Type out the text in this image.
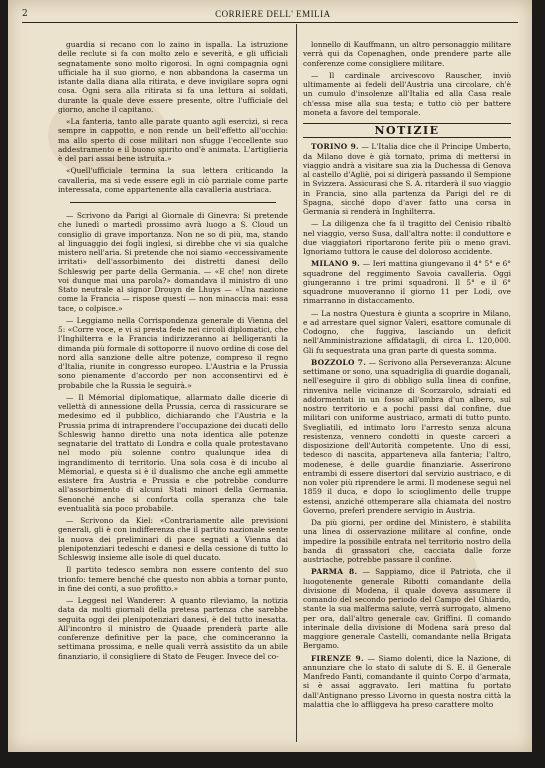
2	CORRIERE DELL' EMILIA

guardia si recano con lo zaino in ispalla. La istruzione delle reclute si fa con molto zelo e severità, e gli ufficiali segnatamente sono molto rigorosi. In ogni compagnia ogni ufficiale ha il suo giorno, e non abbandona la caserma un istante dalla diana alla ritirata, e deve invigilare sopra ogni cosa. Ogni sera alla ritirata si fa una lettura ai soldati, durante la quale deve essere presente, oltre l'ufficiale del giorno, anche il capitano.

«La fanteria, tanto alle parate quanto agli esercizi, si reca sempre in cappotto, e non rende un bell'effetto all'occhio: ma allo sperto di cose militari non sfugge l'eccellente suo addestramento e il buono spirito ond'è animata. L'artiglieria è del pari assai bene istruita.»

«Quell'ufficiale termina la sua lettera criticando la cavalleria, ma si vede essere egli in ciò parziale come parte interessata, come appartenente alla cavalleria austriaca.

— Scrivono da Parigi al Giornale di Ginevra: Si pretende che lunedì o martedì prossimo avrà luogo a S. Cloud un consiglio di grave importanza. Non ne so di più, ma, stando al linguaggio dei fogli inglesi, si direbbe che vi sia qualche mistero nell'aria. Si pretende che noi siamo «eccessivamente irritati» dell'assorbimento dei distretti danesi dello Schleswig per parte della Germania. — «E che! non direte voi dunque mai una parola?» domandava il ministro di uno Stato neutrale al signor Drouyn de Lhuys — «Una nazione come la Francia — rispose questi — non minaccia mai: essa tace, o colpisce.»

— Leggiamo nella Corrispondenza generale di Vienna del 5: «Corre voce, e vi si presta fede nei circoli diplomatici, che l'Inghilterra e la Francia indirizzeranno ai belligeranti la dimanda più formale di sottoporre il nuovo ordine di cose del nord alla sanzione delle altre potenze, compreso il regno d'Italia, riunite in congresso europeo. L'Austria e la Prussia sono pienamente d'accordo per non acconsentirvi ed è probabile che la Russia le seguirà.»

— Il Mémorial diplomatique, allarmato dalle dicerie di vellettà di annessione della Prussia, cerca di rassicurare se medesimo ed il pubblico, dichiarando che l'Austria e la Prussia prima di intraprendere l'occupazione dei ducati dello Schleswig hanno diretto una nota identica alle potenze segnatarie del trattato di Londra e colla quale protestavano nel modo più solenne contro qualunque idea di ingrandimento di territorio. Una sola cosa è di incubo al Mémorial, e questa si è il dualismo che anche egli ammette esistere fra Austria e Prussia e che potrebbe condurre all'assorbimento di alcuni Stati minori della Germania. Senonché anche si conforta colla speranza che tale eventualità sia poco probabile.

— Scrivono da Kiel: «Contrariamente alle previsioni generali, gli è con indifferenza che il partito nazionale sente la nuova dei preliminari di pace segnati a Vienna dai plenipotenziari tedeschi e danesi e della cessione di tutto lo Schleswig insieme alle isole di quel ducato.

Il partito tedesco sembra non essere contento del suo trionfo: temere benché che questo non abbia a tornar punto, in fine dei conti, a suo profitto.»

— Leggesi nel Wanderer: A quanto rileviamo, la notizia data da molti giornali della pretesa partenza che sarebbe seguita oggi dei plenipotenziari danesi, è del tutto inesatta. All'incontro il ministro de Quaade prenderà parte alle conferenze definitive per la pace, che cominceranno la settimana prossima, e nelle quali verrà assistito da un abile finanziario, il consigliere di Stato de Feuger. Invece del co-

lonnello di Kauffmann, un altro personaggio militare verrà qui da Copenaghen, onde prendere parte alle conferenze come consigliere militare.

— Il cardinale arcivescovo Rauscher, inviò ultimamente ai fedeli dell'Austria una circolare, ch'è un cumulo d'insolenze all'Italia ed alla Casa reale ch'essa mise alla sua testa; e tutto ciò per battere moneta a favore del temporale.

NOTIZIE

TORINO 9. — L'Italia dice che il Principe Umberto, da Milano dove è già tornato, prima di mettersi in viaggio andrà a visitare sua zia la Duchessa di Genova al castello d'Agliè, poi si dirigerà passando il Sempione in Svizzera. Assicurasi che S. A. ritarderà il suo viaggio in Francia, sino alla partenza da Parigi del re di Spagna, sicché dopo d'aver fatto una corsa in Germania si renderà in Inghilterra.

— La diligenza che fa il tragitto del Cenisio ribaltò nel viaggio, verso Susa, dall'altra notte: il conduttore e due viaggiatori riportarono ferite più o meno gravi. Ignoriamo tuttora le cause del doloroso accidente.

MILANO 9. — Ieri mattina giungevano il 4° 5° e 6° squadrone del reggimento Savoia cavalleria. Oggi giungeranno i tre primi squadroni. Il 5° e il 6° squadrone muoveranno il giorno 11 per Lodi, ove rimarranno in distaccamento.

— La nostra Questura è giunta a scoprire in Milano, e ad arrestare quel signor Valeri, esattore comunale di Codogno, che fuggiva, lasciando un deficit nell'Amministrazione affidatagli, di circa L. 120,000. Gli fu sequestrata una gran parte di questa somma.

BOZZOLO 7. — Scrivono alla Perseveranza: Alcune settimane or sono, una squadriglia di guardie doganali, nell'eseguire il giro di obbligo sulla linea di confine, rinveniva nelle vicinanze di Scorzarolo, sdraiati ed addormentati in un fosso all'ombra d'un albero, sul nostro territorio e a pochi passi dal confine, due militari con uniforme austriaco, armati di tutto punto. Svegliatili, ed intimato loro l'arresto senza alcuna resistenza, vennero condotti in queste carceri a disposizione dell'Autorità competente. Uno di essi, tedesco di nascita, apparteneva alla fanteria; l'altro, modenese, è delle guardie finanziarie. Asserirono entrambi di essere disertori dal servizio austriaco, e di non voler più riprendere le armi. Il modenese seguì nel 1859 il duca, e dopo lo scioglimento delle truppe estensi, anziché ottemperare alla chiamata del nostro Governo, preferì prendere servigio in Austria.

Da più giorni, per ordine del Ministero, è stabilita una linea di osservazione militare al confine, onde impedire la possibile entrata nel territorio nostro della banda di grassatori che, cacciata dalle forze austriache, potrebbe passare il confine.

PARMA 8. — Sappiamo, dice il Patriota, che il luogotenente generale Ribotti comandante della divisione di Modena, il quale doveva assumere il comando del secondo periodo del Campo del Ghiardo, stante la sua malferma salute, verrà surrogato, almeno per ora, dall'altro generale cav. Griffini. Il comando interinale della divisione di Modena sarà preso dal maggiore generale Castelli, comandante nella Brigata Bergamo.

FIRENZE 9. — Siamo dolenti, dice la Nazione, di annunziare che lo stato di salute di S. E. il Generale Manfredo Fanti, comandante il quinto Corpo d'armata, si è assai aggravato. Ieri mattina fu portato dall'Antignano presso Livorno in questa nostra città la malattia che lo affliggeva ha preso carattere molto
